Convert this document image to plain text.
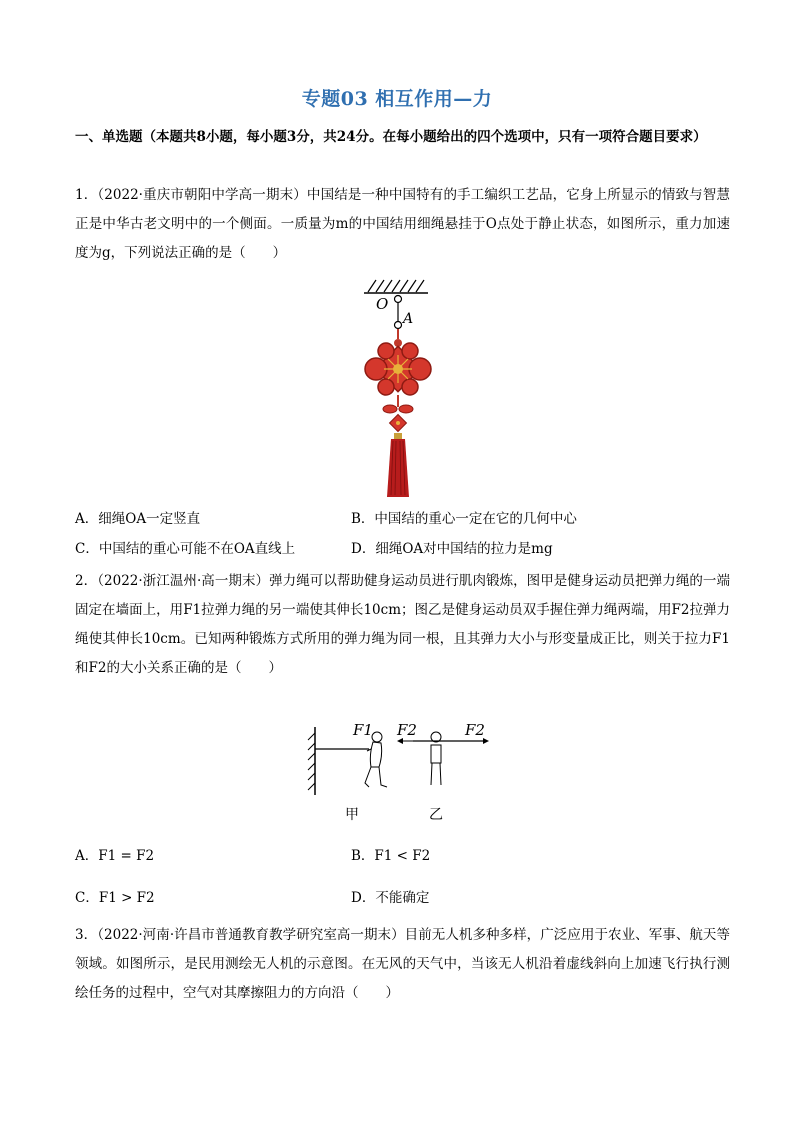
专题03 相互作用—力
一、单选题（本题共8小题，每小题3分，共24分。在每小题给出的四个选项中，只有一项符合题目要求）
1．（2022·重庆市朝阳中学高一期末）中国结是一种中国特有的手工编织工艺品，它身上所显示的情致与智慧正是中华古老文明中的一个侧面。一质量为m的中国结用细绳悬挂于O点处于静止状态，如图所示，重力加速度为g，下列说法正确的是（　　）
O
A
A．细绳OA一定竖直	B．中国结的重心一定在它的几何中心
C．中国结的重心可能不在OA直线上	D．细绳OA对中国结的拉力是mg
2．（2022·浙江温州·高一期末）弹力绳可以帮助健身运动员进行肌肉锻炼，图甲是健身运动员把弹力绳的一端固定在墙面上，用F1拉弹力绳的另一端使其伸长10cm；图乙是健身运动员双手握住弹力绳两端，用F2拉弹力绳使其伸长10cm。已知两种锻炼方式所用的弹力绳为同一根，且其弹力大小与形变量成正比，则关于拉力F1和F2的大小关系正确的是（　　）
F1 F2	F2
甲	乙
A．F1 = F2	B．F1 < F2
C．F1 > F2	D．不能确定
3．（2022·河南·许昌市普通教育教学研究室高一期末）目前无人机多种多样，广泛应用于农业、军事、航天等领域。如图所示，是民用测绘无人机的示意图。在无风的天气中，当该无人机沿着虚线斜向上加速飞行执行测绘任务的过程中，空气对其摩擦阻力的方向沿（　　）
